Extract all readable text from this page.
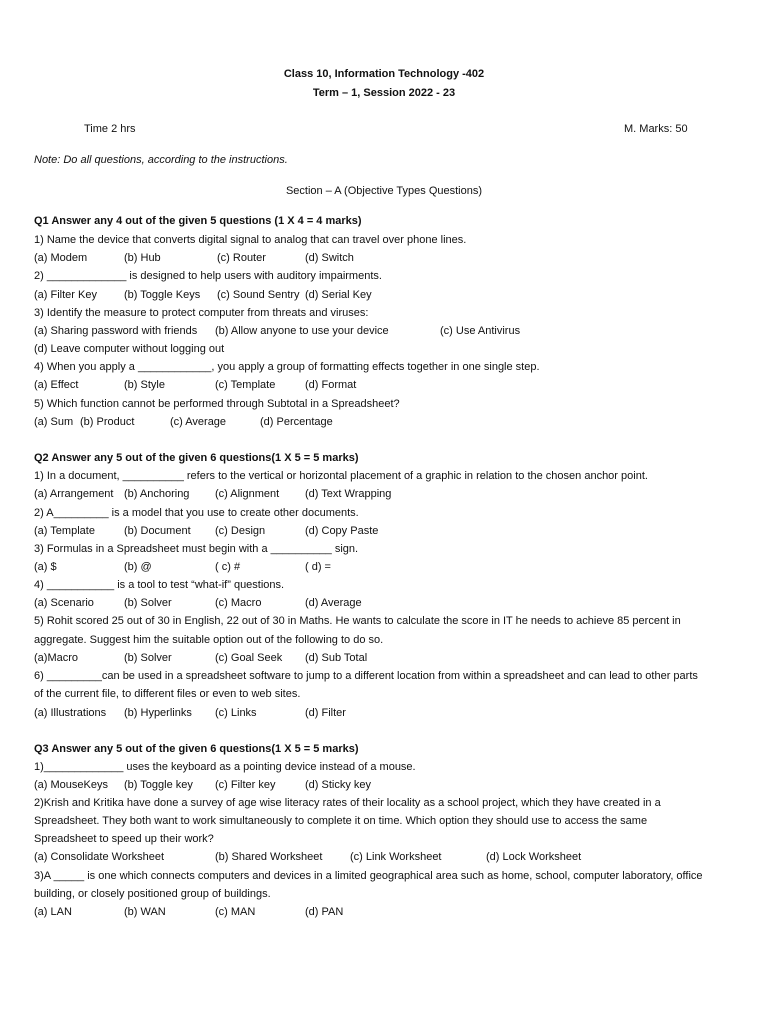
Class 10, Information Technology -402
Term – 1, Session 2022 - 23
Time 2 hrs	M. Marks: 50
Note: Do all questions, according to the instructions.
Section – A (Objective Types Questions)
Q1 Answer any 4 out of the given 5 questions (1 X 4 = 4 marks)
1) Name the device that converts digital signal to analog that can travel over phone lines.
(a) Modem	(b) Hub	(c) Router	(d) Switch
2) _____________ is designed to help users with auditory impairments.
(a) Filter Key (b) Toggle Keys (c) Sound Sentry (d) Serial Key
3) Identify the measure to protect computer from threats and viruses:
(a) Sharing password with friends (b) Allow anyone to use your device	(c) Use Antivirus
(d) Leave computer without logging out
4) When you apply a ____________, you apply a group of formatting effects together in one single step.
(a) Effect	(b) Style	(c) Template	(d) Format
5) Which function cannot be performed through Subtotal in a Spreadsheet?
(a) Sum (b) Product	(c) Average	(d) Percentage
Q2 Answer any 5 out of the given 6 questions(1 X 5 = 5 marks)
1) In a document, __________ refers to the vertical or horizontal placement of a graphic in relation to the chosen anchor point.
(a) Arrangement (b) Anchoring (c) Alignment (d) Text Wrapping
2) A_________ is a model that you use to create other documents.
(a) Template	(b) Document (c) Design	(d) Copy Paste
3) Formulas in a Spreadsheet must begin with a __________ sign.
(a) $	(b) @	( c) #	( d) =
4) ___________ is a tool to test “what-if” questions.
(a) Scenario	(b) Solver	(c) Macro	(d) Average
5) Rohit scored 25 out of 30 in English, 22 out of 30 in Maths. He wants to calculate the score in IT he needs to achieve 85 percent in
aggregate. Suggest him the suitable option out of the following to do so.
(a)Macro	(b) Solver	(c) Goal Seek (d) Sub Total
6) _________can be used in a spreadsheet software to jump to a different location from within a spreadsheet and can lead to other parts
of the current file, to different files or even to web sites.
(a) Illustrations (b) Hyperlinks (c) Links	(d) Filter
Q3 Answer any 5 out of the given 6 questions(1 X 5 = 5 marks)
1)_____________ uses the keyboard as a pointing device instead of a mouse.
(a) MouseKeys (b) Toggle key (c) Filter key	(d) Sticky key
2)Krish and Kritika have done a survey of age wise literacy rates of their locality as a school project, which they have created in a
Spreadsheet. They both want to work simultaneously to complete it on time. Which option they should use to access the same
Spreadsheet to speed up their work?
(a) Consolidate Worksheet	(b) Shared Worksheet	(c) Link Worksheet	(d) Lock Worksheet
3)A _____ is one which connects computers and devices in a limited geographical area such as home, school, computer laboratory, office
building, or closely positioned group of buildings.
(a) LAN	(b) WAN	(c) MAN	(d) PAN
